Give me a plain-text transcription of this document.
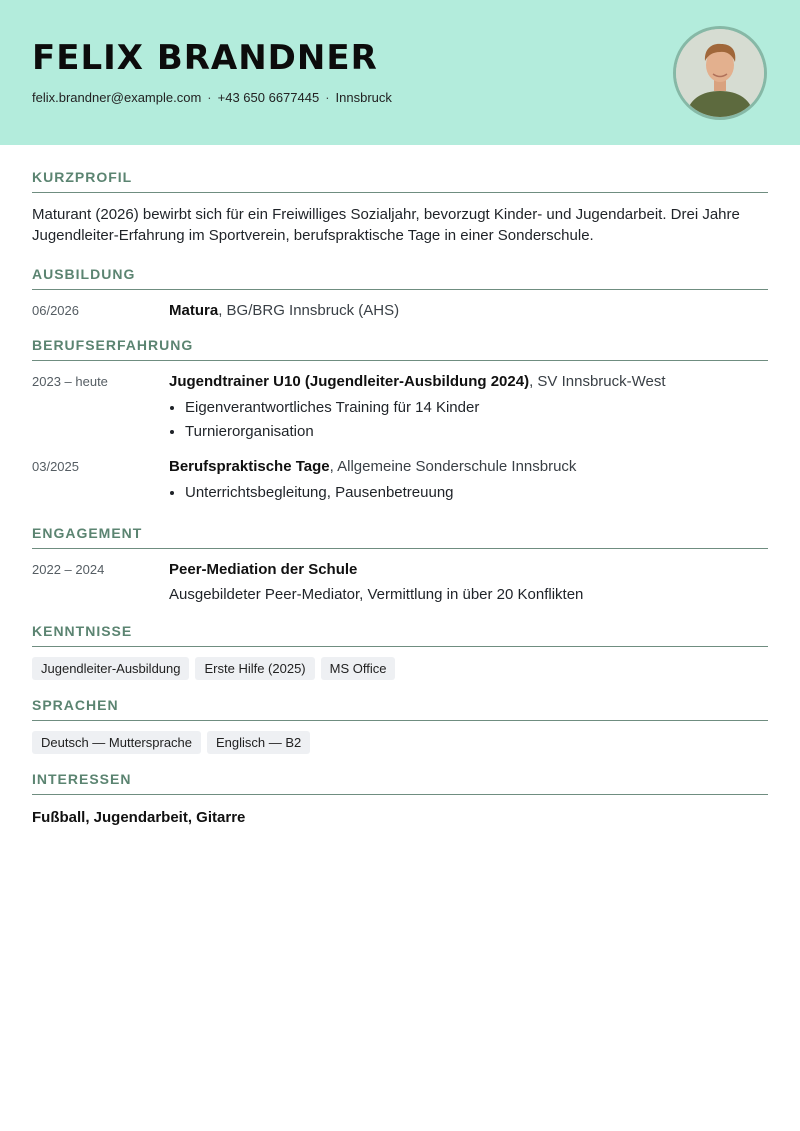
FELIX BRANDNER
felix.brandner@example.com · +43 650 6677445 · Innsbruck
KURZPROFIL
Maturant (2026) bewirbt sich für ein Freiwilliges Sozialjahr, bevorzugt Kinder- und Jugendarbeit. Drei Jahre Jugendleiter-Erfahrung im Sportverein, berufspraktische Tage in einer Sonderschule.
AUSBILDUNG
06/2026	Matura, BG/BRG Innsbruck (AHS)
BERUFSERFAHRUNG
2023 – heute	Jugendtrainer U10 (Jugendleiter-Ausbildung 2024), SV Innsbruck-West
• Eigenverantwortliches Training für 14 Kinder
• Turnierorganisation
03/2025	Berufspraktische Tage, Allgemeine Sonderschule Innsbruck
• Unterrichtsbegleitung, Pausenbetreuung
ENGAGEMENT
2022 – 2024	Peer-Mediation der Schule
Ausgebildeter Peer-Mediator, Vermittlung in über 20 Konflikten
KENNTNISSE
Jugendleiter-Ausbildung	Erste Hilfe (2025)	MS Office
SPRACHEN
Deutsch — Muttersprache	Englisch — B2
INTERESSEN
Fußball, Jugendarbeit, Gitarre
